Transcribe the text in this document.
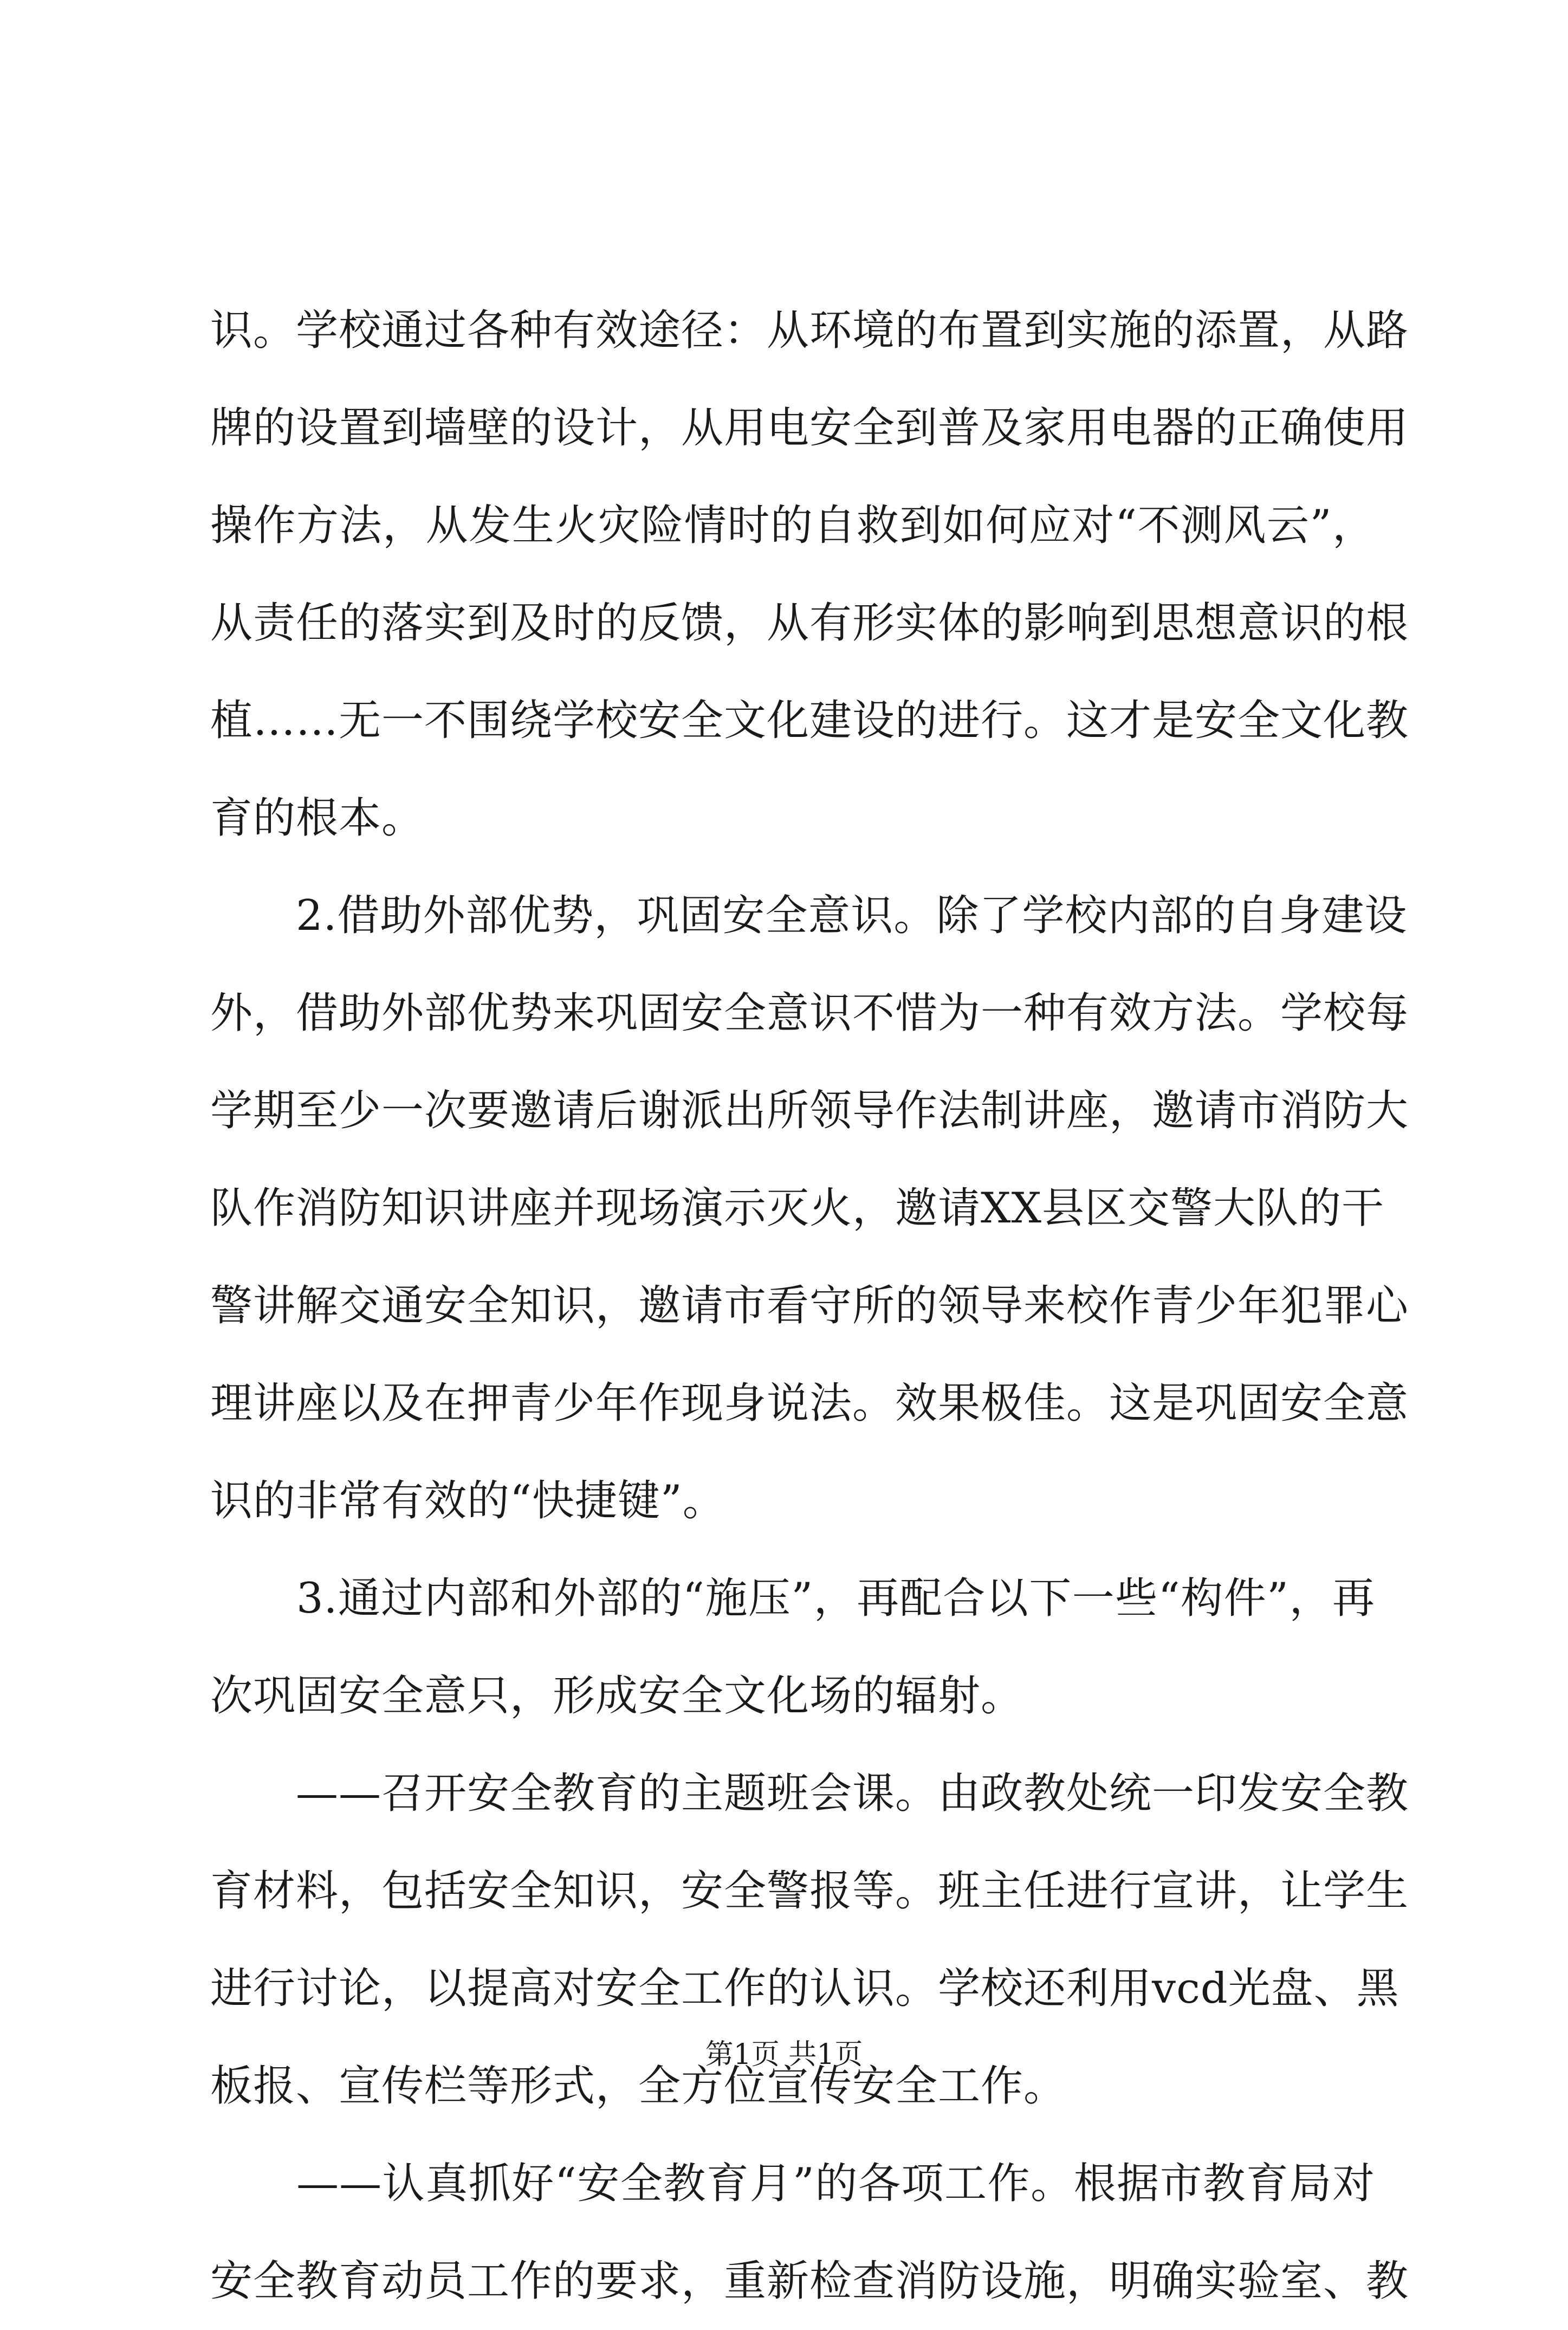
识。学校通过各种有效途径：从环境的布置到实施的添置，从路
牌的设置到墙壁的设计，从用电安全到普及家用电器的正确使用
操作方法，从发生火灾险情时的自救到如何应对“不测风云”，
从责任的落实到及时的反馈，从有形实体的影响到思想意识的根
植……无一不围绕学校安全文化建设的进行。这才是安全文化教
育的根本。
　　2.借助外部优势，巩固安全意识。除了学校内部的自身建设
外，借助外部优势来巩固安全意识不惜为一种有效方法。学校每
学期至少一次要邀请后谢派出所领导作法制讲座，邀请市消防大
队作消防知识讲座并现场演示灭火，邀请XX县区交警大队的干
警讲解交通安全知识，邀请市看守所的领导来校作青少年犯罪心
理讲座以及在押青少年作现身说法。效果极佳。这是巩固安全意
识的非常有效的“快捷键”。
　　3.通过内部和外部的“施压”，再配合以下一些“构件”，再
次巩固安全意只，形成安全文化场的辐射。
　　——召开安全教育的主题班会课。由政教处统一印发安全教
育材料，包括安全知识，安全警报等。班主任进行宣讲，让学生
进行讨论，以提高对安全工作的认识。学校还利用vcd光盘、黑
板报、宣传栏等形式，全方位宣传安全工作。
　　——认真抓好“安全教育月”的各项工作。根据市教育局对
安全教育动员工作的要求，重新检查消防设施，明确实验室、教
第1页 共1页
